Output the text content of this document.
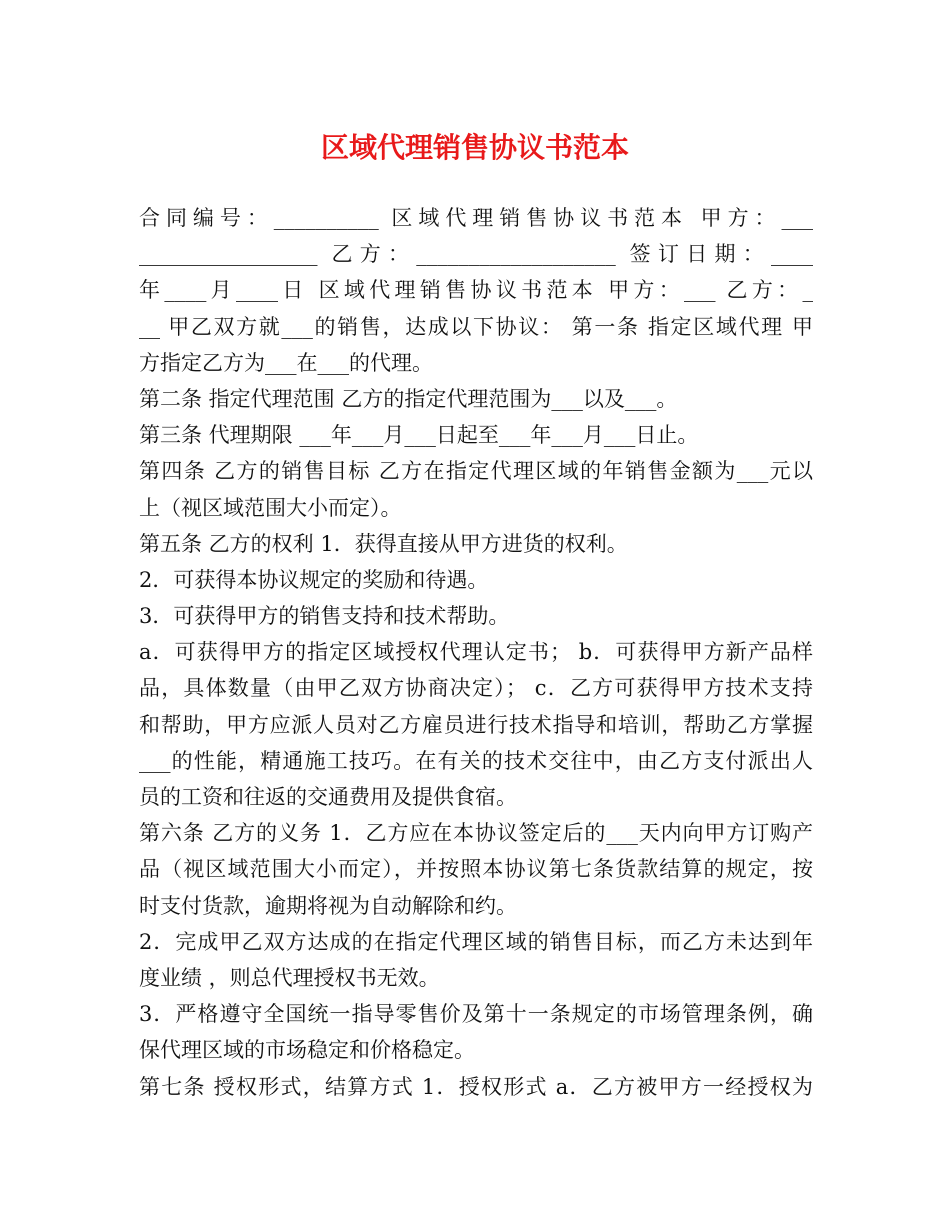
区域代理销售协议书范本
合同编号：__________ 区域代理销售协议书范本 甲方：___
_________________ 乙方：___________________ 签订日期：____
年____月____日 区域代理销售协议书范本 甲方：___ 乙方：_
__ 甲乙双方就___的销售，达成以下协议： 第一条 指定区域代理 甲
方指定乙方为___在___的代理。
第二条 指定代理范围 乙方的指定代理范围为___以及___。
第三条 代理期限 ___年___月___日起至___年___月___日止。
第四条 乙方的销售目标 乙方在指定代理区域的年销售金额为___元以
上（视区域范围大小而定）。
第五条 乙方的权利 1．获得直接从甲方进货的权利。
2．可获得本协议规定的奖励和待遇。
3．可获得甲方的销售支持和技术帮助。
a．可获得甲方的指定区域授权代理认定书； b．可获得甲方新产品样
品，具体数量（由甲乙双方协商决定）； c．乙方可获得甲方技术支持
和帮助，甲方应派人员对乙方雇员进行技术指导和培训，帮助乙方掌握
___的性能，精通施工技巧。在有关的技术交往中，由乙方支付派出人
员的工资和往返的交通费用及提供食宿。
第六条 乙方的义务 1．乙方应在本协议签定后的___天内向甲方订购产
品（视区域范围大小而定），并按照本协议第七条货款结算的规定，按
时支付货款，逾期将视为自动解除和约。
2．完成甲乙双方达成的在指定代理区域的销售目标，而乙方未达到年
度业绩 ，则总代理授权书无效。
3．严格遵守全国统一指导零售价及第十一条规定的市场管理条例，确
保代理区域的市场稳定和价格稳定。
第七条 授权形式，结算方式 1．授权形式 a．乙方被甲方一经授权为
